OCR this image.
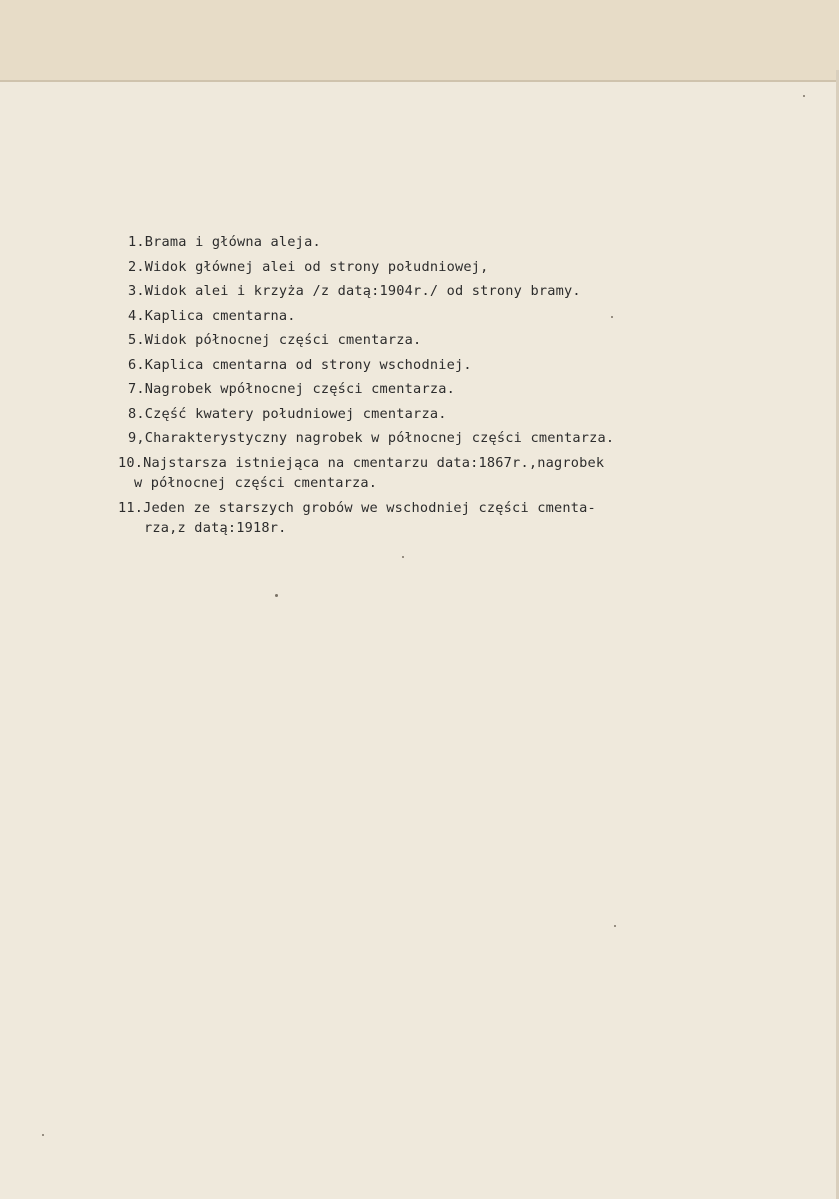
1.Brama i główna aleja.
2.Widok głównej alei od strony południowej,
3.Widok alei i krzyża /z datą:1904r./ od strony bramy.
4.Kaplica cmentarna.
5.Widok północnej części cmentarza.
6.Kaplica cmentarna od strony wschodniej.
7.Nagrobek wpółnocnej części cmentarza.
8.Część kwatery południowej cmentarza.
9,Charakterystyczny nagrobek w północnej części cmentarza.
10.Najstarsza istniejąca na cmentarzu data:1867r.,nagrobek
w północnej części cmentarza.
11.Jeden ze starszych grobów we wschodniej części cmenta-
rza,z datą:1918r.
